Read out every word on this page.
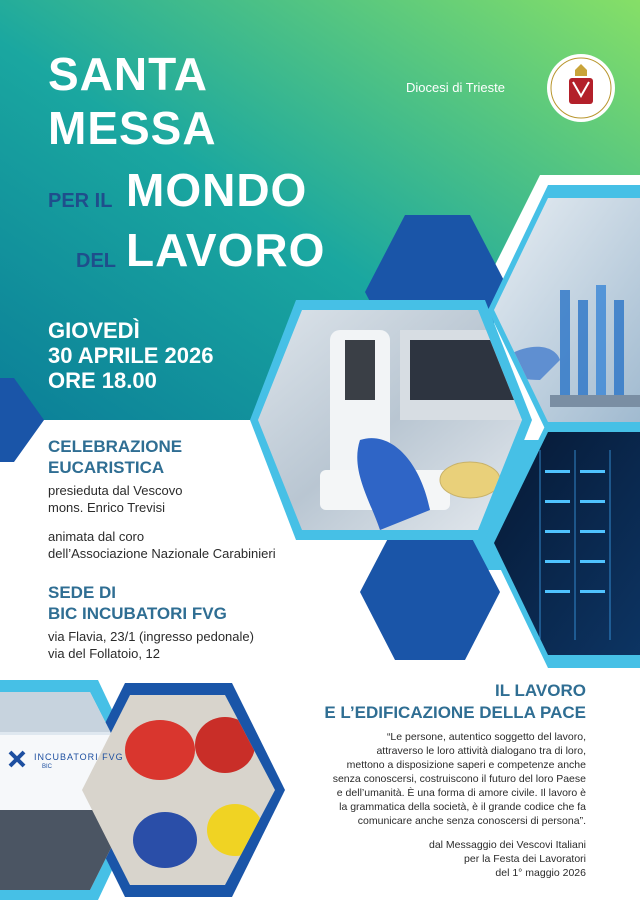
SANTA
MESSA
PER IL MONDO
DEL LAVORO
Diocesi di Trieste
GIOVEDÌ
30 APRILE 2026
ORE 18.00
CELEBRAZIONE
EUCARISTICA
presieduta dal Vescovo
mons. Enrico Trevisi
animata dal coro
dell’Associazione Nazionale Carabinieri
SEDE DI
BIC INCUBATORI FVG
via Flavia, 23/1 (ingresso pedonale)
via del Follatoio, 12
INCUBATORI FVG
BIC
IL LAVORO
E L’EDIFICAZIONE DELLA PACE
“Le persone, autentico soggetto del lavoro,
attraverso le loro attività dialogano tra di loro,
mettono a disposizione saperi e competenze anche
senza conoscersi, costruiscono il futuro del loro Paese
e dell’umanità. È una forma di amore civile. Il lavoro è
la grammatica della società, è il grande codice che fa
comunicare anche senza conoscersi di persona”.
dal Messaggio dei Vescovi Italiani
per la Festa dei Lavoratori
del 1° maggio 2026
